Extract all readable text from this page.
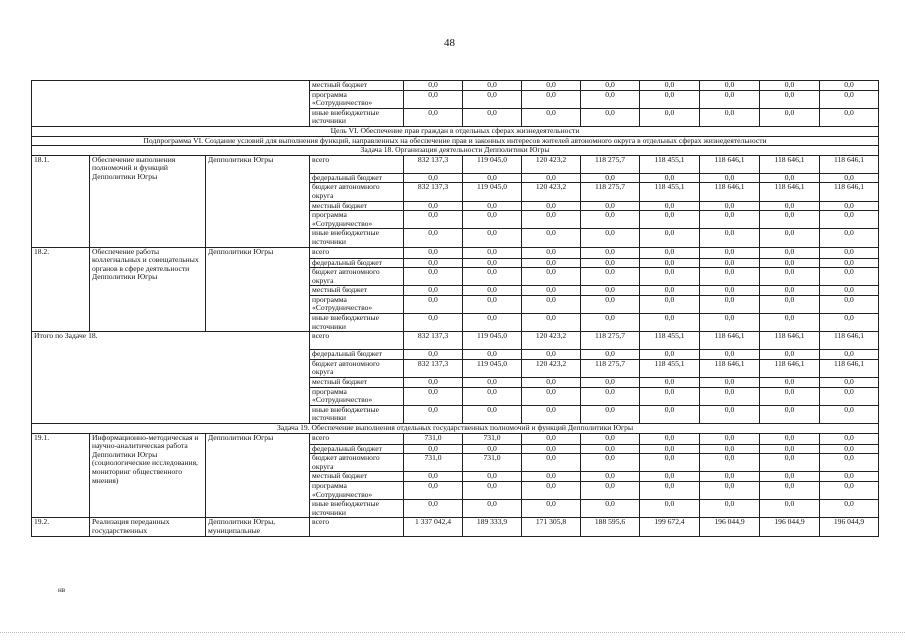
48
			местный бюджет	0,0	0,0	0,0	0,0	0,0	0,0	0,0	0,0
			программа «Сотрудничество»	0,0	0,0	0,0	0,0	0,0	0,0	0,0	0,0
			иные внебюджетные источники	0,0	0,0	0,0	0,0	0,0	0,0	0,0	0,0
Цель VI. Обеспечение прав граждан в отдельных сферах жизнедеятельности											
Подпрограмма VI. Создание условий для выполнения функций, направленных на обеспечение прав и законных интересов жителей автономного округа в отдельных сферах жизнедеятельности											
Задача 18. Организация деятельности Депполитики Югры											
18.1.	Обеспечение выполнения полномочий и функций Депполитики Югры	Депполитики Югры	всего	832 137,3	119 045,0	120 423,2	118 275,7	118 455,1	118 646,1	118 646,1	118 646,1
			федеральный бюджет	0,0	0,0	0,0	0,0	0,0	0,0	0,0	0,0
			бюджет автономного округа	832 137,3	119 045,0	120 423,2	118 275,7	118 455,1	118 646,1	118 646,1	118 646,1
			местный бюджет	0,0	0,0	0,0	0,0	0,0	0,0	0,0	0,0
			программа «Сотрудничество»	0,0	0,0	0,0	0,0	0,0	0,0	0,0	0,0
			иные внебюджетные источники	0,0	0,0	0,0	0,0	0,0	0,0	0,0	0,0
18.2.	Обеспечение работы коллегиальных и совещательных органов в сфере деятельности Депполитики Югры	Депполитики Югры	всего	0,0	0,0	0,0	0,0	0,0	0,0	0,0	0,0
			федеральный бюджет	0,0	0,0	0,0	0,0	0,0	0,0	0,0	0,0
			бюджет автономного округа	0,0	0,0	0,0	0,0	0,0	0,0	0,0	0,0
			местный бюджет	0,0	0,0	0,0	0,0	0,0	0,0	0,0	0,0
			программа «Сотрудничество»	0,0	0,0	0,0	0,0	0,0	0,0	0,0	0,0
			иные внебюджетные источники	0,0	0,0	0,0	0,0	0,0	0,0	0,0	0,0
Итого по Задаче 18.			всего	832 137,3	119 045,0	120 423,2	118 275,7	118 455,1	118 646,1	118 646,1	118 646,1
			федеральный бюджет	0,0	0,0	0,0	0,0	0,0	0,0	0,0	0,0
			бюджет автономного округа	832 137,3	119 045,0	120 423,2	118 275,7	118 455,1	118 646,1	118 646,1	118 646,1
			местный бюджет	0,0	0,0	0,0	0,0	0,0	0,0	0,0	0,0
			программа «Сотрудничество»	0,0	0,0	0,0	0,0	0,0	0,0	0,0	0,0
			иные внебюджетные источники	0,0	0,0	0,0	0,0	0,0	0,0	0,0	0,0
Задача 19. Обеспечение выполнения отдельных государственных полномочий и функций Депполитики Югры											
19.1.	Информационно-методическая и научно-аналитическая работа Депполитики Югры (социологические исследования, мониторинг общественного мнения)	Депполитики Югры	всего	731,0	731,0	0,0	0,0	0,0	0,0	0,0	0,0
			федеральный бюджет	0,0	0,0	0,0	0,0	0,0	0,0	0,0	0,0
			бюджет автономного округа	731,0	731,0	0,0	0,0	0,0	0,0	0,0	0,0
			местный бюджет	0,0	0,0	0,0	0,0	0,0	0,0	0,0	0,0
			программа «Сотрудничество»	0,0	0,0	0,0	0,0	0,0	0,0	0,0	0,0
			иные внебюджетные источники	0,0	0,0	0,0	0,0	0,0	0,0	0,0	0,0
19.2.	Реализация переданных государственных	Депполитики Югры, муниципальные	всего	1 337 042,4	189 333,9	171 305,8	188 595,6	199 672,4	196 044,9	196 044,9	196 044,9
нв
